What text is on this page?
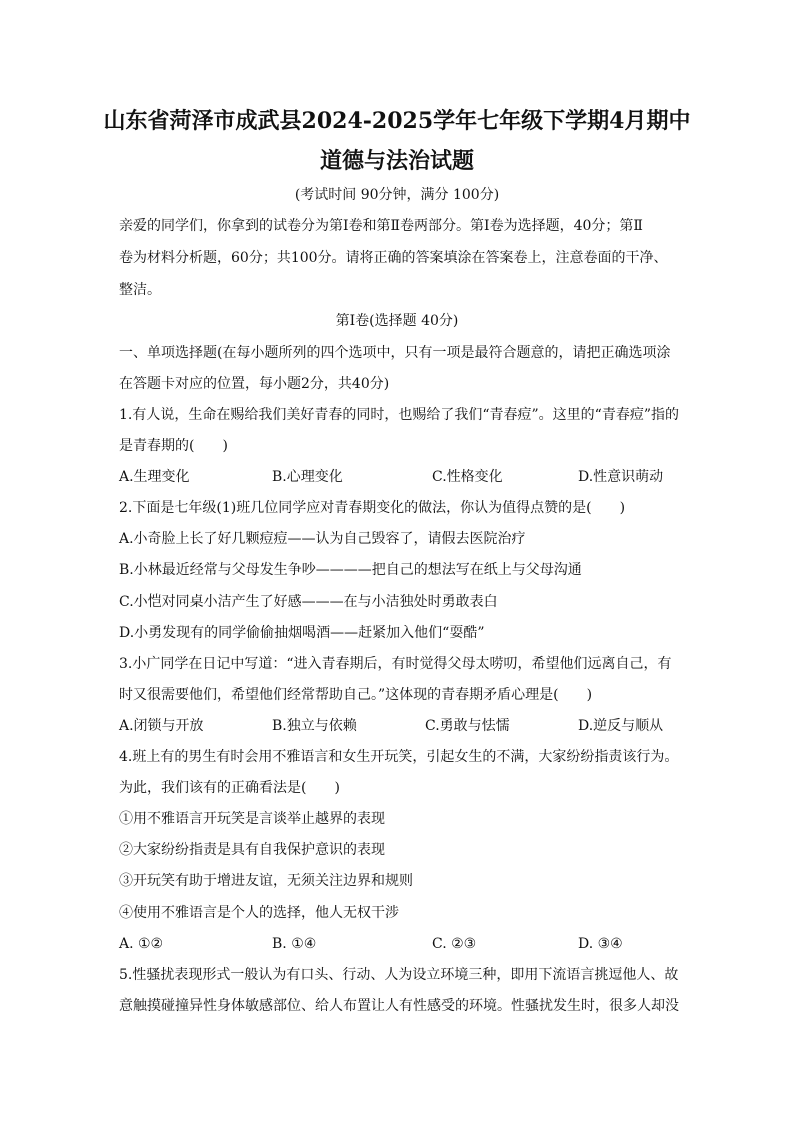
山东省菏泽市成武县2024-2025学年七年级下学期4月期中
道德与法治试题
(考试时间 90分钟，满分 100分)
亲爱的同学们，你拿到的试卷分为第Ⅰ卷和第Ⅱ卷两部分。第Ⅰ卷为选择题，40分；第Ⅱ
卷为材料分析题，60分；共100分。请将正确的答案填涂在答案卷上，注意卷面的干净、
整洁。
第Ⅰ卷(选择题 40分)
一、单项选择题(在每小题所列的四个选项中，只有一项是最符合题意的，请把正确选项涂
在答题卡对应的位置，每小题2分，共40分)
1.有人说，生命在赐给我们美好青春的同时，也赐给了我们“青春痘”。这里的“青春痘”指的
是青春期的(　　)
A.生理变化	B.心理变化	C.性格变化	D.性意识萌动
2.下面是七年级(1)班几位同学应对青春期变化的做法，你认为值得点赞的是(　　)
A.小奇脸上长了好几颗痘痘——认为自己毁容了，请假去医院治疗
B.小林最近经常与父母发生争吵————把自己的想法写在纸上与父母沟通
C.小恺对同桌小洁产生了好感———在与小洁独处时勇敢表白
D.小勇发现有的同学偷偷抽烟喝酒——赶紧加入他们“耍酷”
3.小广同学在日记中写道：“进入青春期后，有时觉得父母太唠叨，希望他们远离自己，有
时又很需要他们，希望他们经常帮助自己。”这体现的青春期矛盾心理是(　　)
A.闭锁与开放	B.独立与依赖	C.勇敢与怯懦	D.逆反与顺从
4.班上有的男生有时会用不雅语言和女生开玩笑，引起女生的不满，大家纷纷指责该行为。
为此，我们该有的正确看法是(　　)
①用不雅语言开玩笑是言谈举止越界的表现
②大家纷纷指责是具有自我保护意识的表现
③开玩笑有助于增进友谊，无须关注边界和规则
④使用不雅语言是个人的选择，他人无权干涉
A. ①②	B. ①④	C. ②③	D. ③④
5.性骚扰表现形式一般认为有口头、行动、人为设立环境三种，即用下流语言挑逗他人、故
意触摸碰撞异性身体敏感部位、给人布置让人有性感受的环境。性骚扰发生时，很多人却没
